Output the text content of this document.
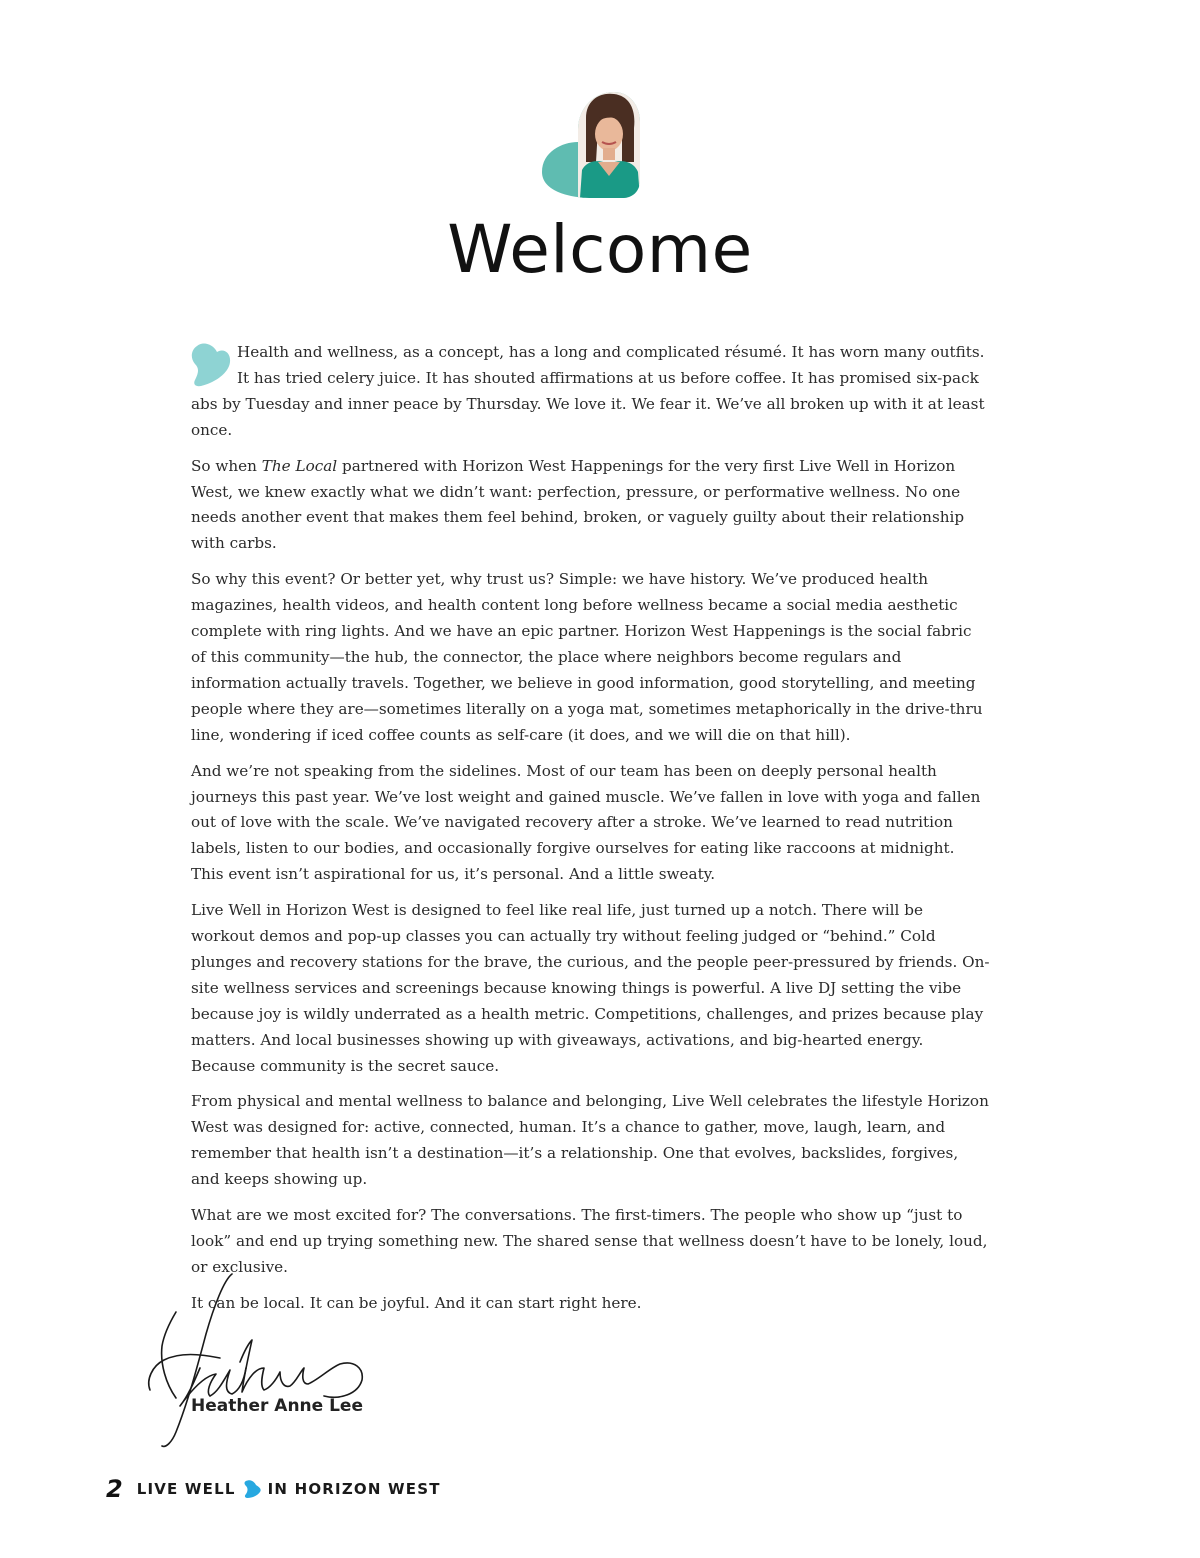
Welcome

Health and wellness, as a concept, has a long and complicated résumé. It has worn many outfits. It has tried celery juice. It has shouted affirmations at us before coffee. It has promised six-pack abs by Tuesday and inner peace by Thursday. We love it. We fear it. We’ve all broken up with it at least once.

So when The Local partnered with Horizon West Happenings for the very first Live Well in Horizon West, we knew exactly what we didn’t want: perfection, pressure, or performative wellness. No one needs another event that makes them feel behind, broken, or vaguely guilty about their relationship with carbs.

So why this event? Or better yet, why trust us? Simple: we have history. We’ve produced health magazines, health videos, and health content long before wellness became a social media aesthetic complete with ring lights. And we have an epic partner. Horizon West Happenings is the social fabric of this community—the hub, the connector, the place where neighbors become regulars and information actually travels. Together, we believe in good information, good storytelling, and meeting people where they are—sometimes literally on a yoga mat, sometimes metaphorically in the drive-thru line, wondering if iced coffee counts as self-care (it does, and we will die on that hill).

And we’re not speaking from the sidelines. Most of our team has been on deeply personal health journeys this past year. We’ve lost weight and gained muscle. We’ve fallen in love with yoga and fallen out of love with the scale. We’ve navigated recovery after a stroke. We’ve learned to read nutrition labels, listen to our bodies, and occasionally forgive ourselves for eating like raccoons at midnight. This event isn’t aspirational for us, it’s personal. And a little sweaty.

Live Well in Horizon West is designed to feel like real life, just turned up a notch. There will be workout demos and pop-up classes you can actually try without feeling judged or “behind.” Cold plunges and recovery stations for the brave, the curious, and the people peer-pressured by friends. On-site wellness services and screenings because knowing things is powerful. A live DJ setting the vibe because joy is wildly underrated as a health metric. Competitions, challenges, and prizes because play matters. And local businesses showing up with giveaways, activations, and big-hearted energy. Because community is the secret sauce.

From physical and mental wellness to balance and belonging, Live Well celebrates the lifestyle Horizon West was designed for: active, connected, human. It’s a chance to gather, move, laugh, learn, and remember that health isn’t a destination—it’s a relationship. One that evolves, backslides, forgives, and keeps showing up.

What are we most excited for? The conversations. The first-timers. The people who show up “just to look” and end up trying something new. The shared sense that wellness doesn’t have to be lonely, loud, or exclusive.

It can be local. It can be joyful. And it can start right here.

Heather Anne Lee
2 LIVE WELL IN HORIZON WEST
